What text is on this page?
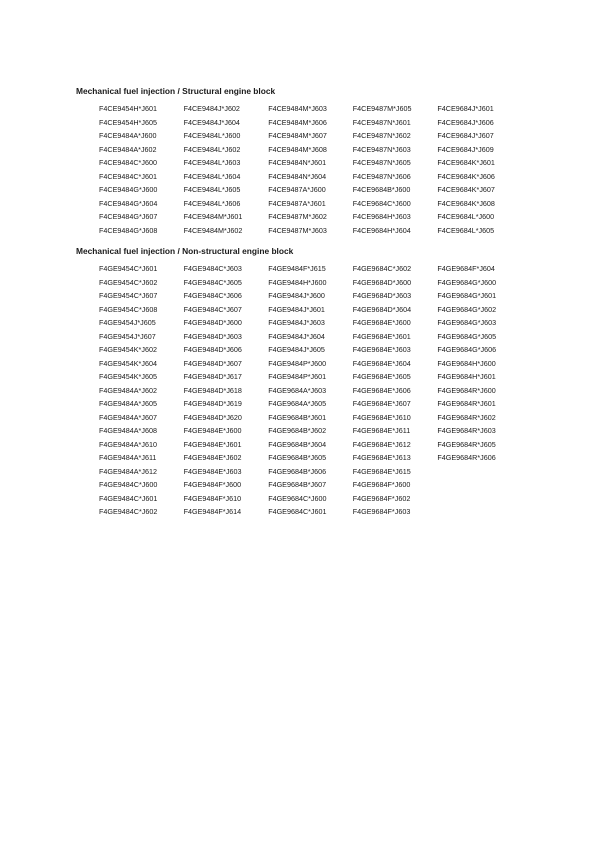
Mechanical fuel injection / Structural engine block
F4CE9454H*J601
F4CE9454H*J605
F4CE9484A*J600
F4CE9484A*J602
F4CE9484C*J600
F4CE9484C*J601
F4CE9484G*J600
F4CE9484G*J604
F4CE9484G*J607
F4CE9484G*J608
F4CE9484J*J602
F4CE9484J*J604
F4CE9484L*J600
F4CE9484L*J602
F4CE9484L*J603
F4CE9484L*J604
F4CE9484L*J605
F4CE9484L*J606
F4CE9484M*J601
F4CE9484M*J602
F4CE9484M*J603
F4CE9484M*J606
F4CE9484M*J607
F4CE9484M*J608
F4CE9484N*J601
F4CE9484N*J604
F4CE9487A*J600
F4CE9487A*J601
F4CE9487M*J602
F4CE9487M*J603
F4CE9487M*J605
F4CE9487N*J601
F4CE9487N*J602
F4CE9487N*J603
F4CE9487N*J605
F4CE9487N*J606
F4CE9684B*J600
F4CE9684C*J600
F4CE9684H*J603
F4CE9684H*J604
F4CE9684J*J601
F4CE9684J*J606
F4CE9684J*J607
F4CE9684J*J609
F4CE9684K*J601
F4CE9684K*J606
F4CE9684K*J607
F4CE9684K*J608
F4CE9684L*J600
F4CE9684L*J605
Mechanical fuel injection / Non-structural engine block
F4GE9454C*J601
F4GE9454C*J602
F4GE9454C*J607
F4GE9454C*J608
F4GE9454J*J605
F4GE9454J*J607
F4GE9454K*J602
F4GE9454K*J604
F4GE9454K*J605
F4GE9484A*J602
F4GE9484A*J605
F4GE9484A*J607
F4GE9484A*J608
F4GE9484A*J610
F4GE9484A*J611
F4GE9484A*J612
F4GE9484C*J600
F4GE9484C*J601
F4GE9484C*J602
F4GE9484C*J603
F4GE9484C*J605
F4GE9484C*J606
F4GE9484C*J607
F4GE9484D*J600
F4GE9484D*J603
F4GE9484D*J606
F4GE9484D*J607
F4GE9484D*J617
F4GE9484D*J618
F4GE9484D*J619
F4GE9484D*J620
F4GE9484E*J600
F4GE9484E*J601
F4GE9484E*J602
F4GE9484E*J603
F4GE9484F*J600
F4GE9484F*J610
F4GE9484F*J614
F4GE9484F*J615
F4GE9484H*J600
F4GE9484J*J600
F4GE9484J*J601
F4GE9484J*J603
F4GE9484J*J604
F4GE9484J*J605
F4GE9484P*J600
F4GE9484P*J601
F4GE9684A*J603
F4GE9684A*J605
F4GE9684B*J601
F4GE9684B*J602
F4GE9684B*J604
F4GE9684B*J605
F4GE9684B*J606
F4GE9684B*J607
F4GE9684C*J600
F4GE9684C*J601
F4GE9684C*J602
F4GE9684D*J600
F4GE9684D*J603
F4GE9684D*J604
F4GE9684E*J600
F4GE9684E*J601
F4GE9684E*J603
F4GE9684E*J604
F4GE9684E*J605
F4GE9684E*J606
F4GE9684E*J607
F4GE9684E*J610
F4GE9684E*J611
F4GE9684E*J612
F4GE9684E*J613
F4GE9684E*J615
F4GE9684F*J600
F4GE9684F*J602
F4GE9684F*J603
F4GE9684F*J604
F4GE9684G*J600
F4GE9684G*J601
F4GE9684G*J602
F4GE9684G*J603
F4GE9684G*J605
F4GE9684G*J606
F4GE9684H*J600
F4GE9684H*J601
F4GE9684R*J600
F4GE9684R*J601
F4GE9684R*J602
F4GE9684R*J603
F4GE9684R*J605
F4GE9684R*J606
